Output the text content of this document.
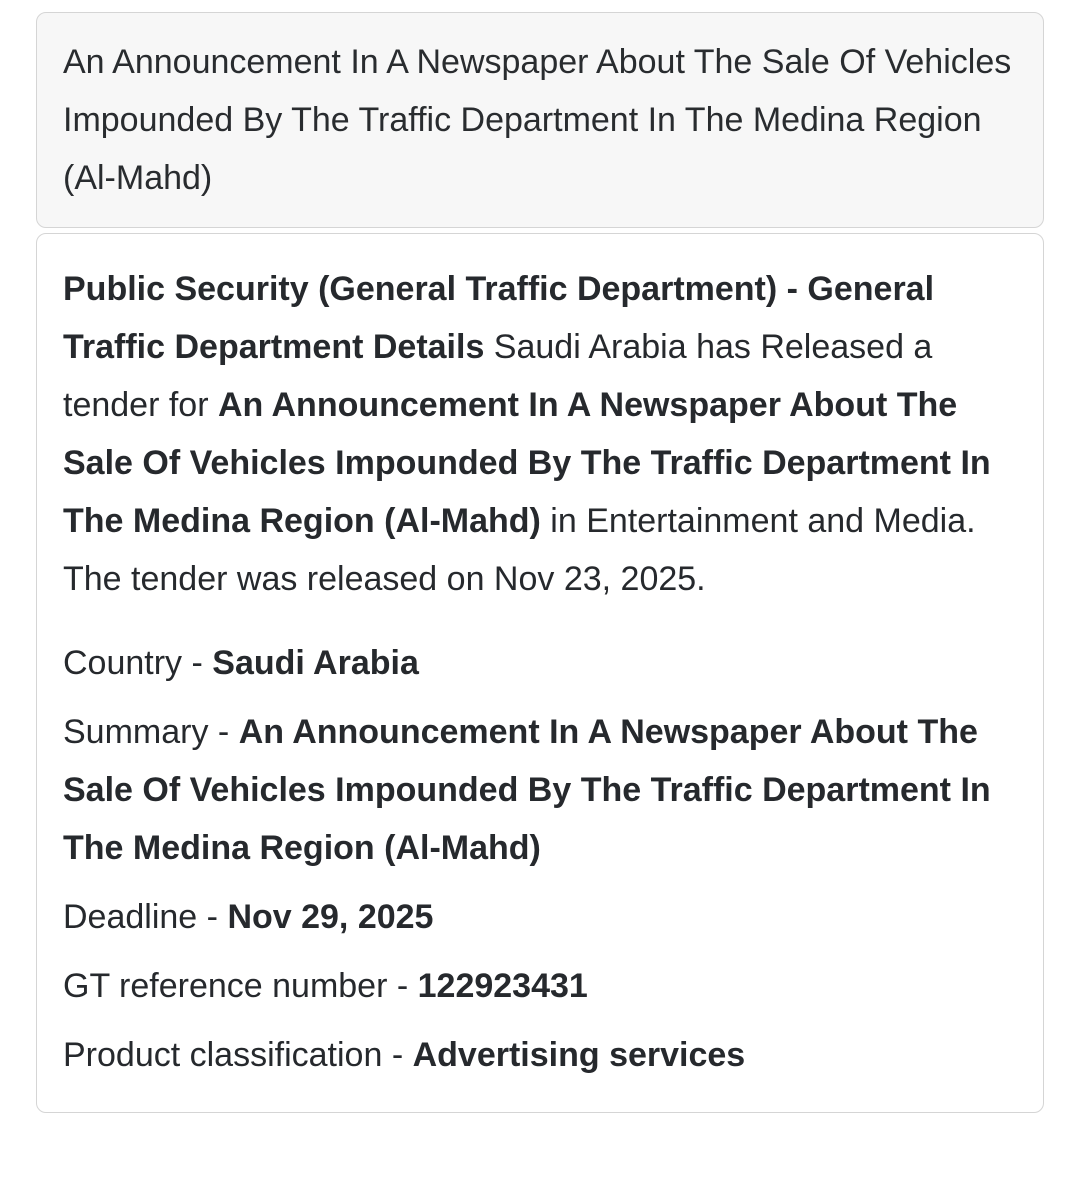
An Announcement In A Newspaper About The Sale Of Vehicles Impounded By The Traffic Department In The Medina Region (Al-Mahd)

Public Security (General Traffic Department) - General Traffic Department Details Saudi Arabia has Released a tender for An Announcement In A Newspaper About The Sale Of Vehicles Impounded By The Traffic Department In The Medina Region (Al-Mahd) in Entertainment and Media. The tender was released on Nov 23, 2025.

Country - Saudi Arabia

Summary - An Announcement In A Newspaper About The Sale Of Vehicles Impounded By The Traffic Department In The Medina Region (Al-Mahd)

Deadline - Nov 29, 2025

GT reference number - 122923431

Product classification - Advertising services
